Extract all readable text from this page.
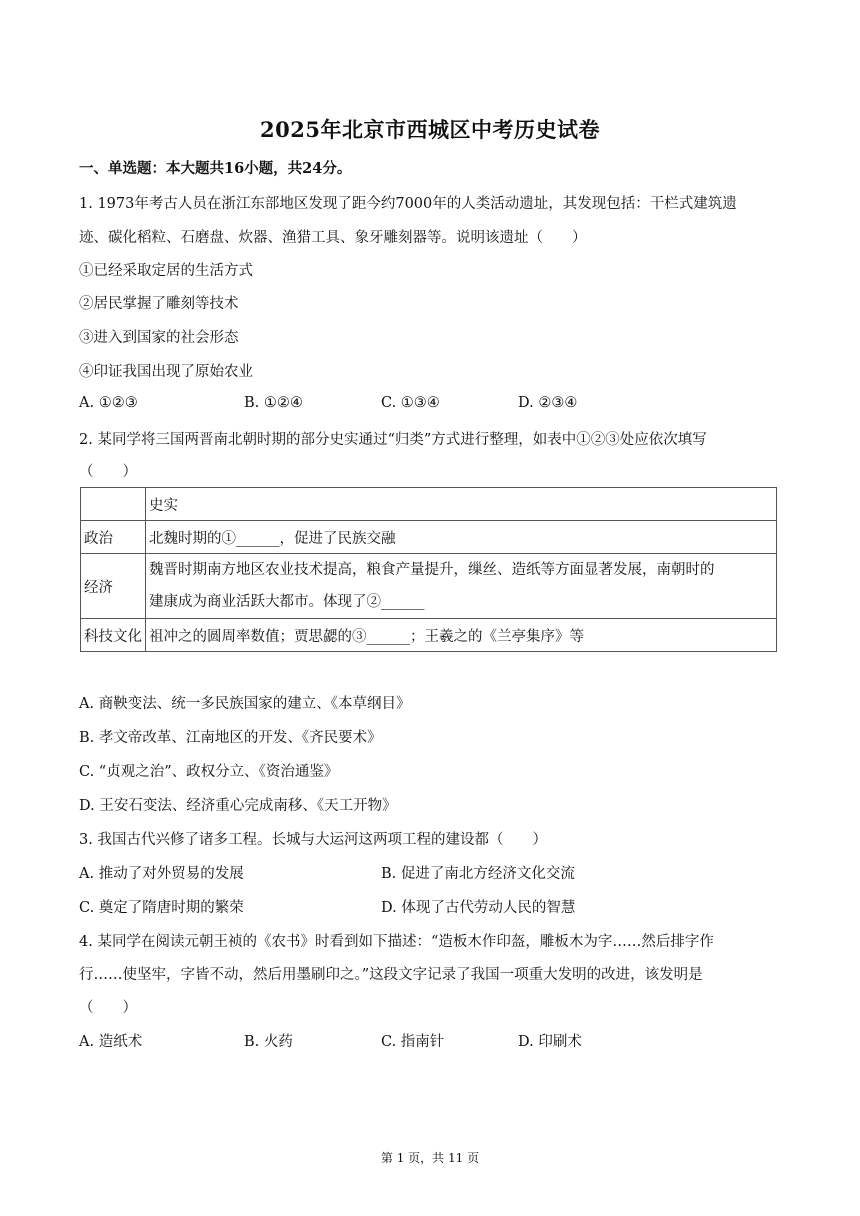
2025年北京市西城区中考历史试卷
一、单选题：本大题共16小题，共24分。
1. 1973年考古人员在浙江东部地区发现了距今约7000年的人类活动遗址，其发现包括：干栏式建筑遗
迹、碳化稻粒、石磨盘、炊器、渔猎工具、象牙雕刻器等。说明该遗址（　　）
①已经采取定居的生活方式
②居民掌握了雕刻等技术
③进入到国家的社会形态
④印证我国出现了原始农业
A. ①②③	B. ①②④	C. ①③④	D. ②③④
2. 某同学将三国两晋南北朝时期的部分史实通过“归类”方式进行整理，如表中①②③处应依次填写
（　　）
	史实
政治	北魏时期的①______，促进了民族交融
经济	魏晋时期南方地区农业技术提高，粮食产量提升，缫丝、造纸等方面显著发展，南朝时的
建康成为商业活跃大都市。体现了②______

科技文化	祖冲之的圆周率数值；贾思勰的③______；王羲之的《兰亭集序》等
A. 商鞅变法、统一多民族国家的建立、《本草纲目》
B. 孝文帝改革、江南地区的开发、《齐民要术》
C. “贞观之治”、政权分立、《资治通鉴》
D. 王安石变法、经济重心完成南移、《天工开物》
3. 我国古代兴修了诸多工程。长城与大运河这两项工程的建设都（　　）
A. 推动了对外贸易的发展	B. 促进了南北方经济文化交流
C. 奠定了隋唐时期的繁荣	D. 体现了古代劳动人民的智慧
4. 某同学在阅读元朝王祯的《农书》时看到如下描述：“造板木作印盔，雕板木为字……然后排字作
行……使坚牢，字皆不动，然后用墨刷印之。”这段文字记录了我国一项重大发明的改进，该发明是
（　　）
A. 造纸术	B. 火药	C. 指南针	D. 印刷术
第 1 页，共 11 页
